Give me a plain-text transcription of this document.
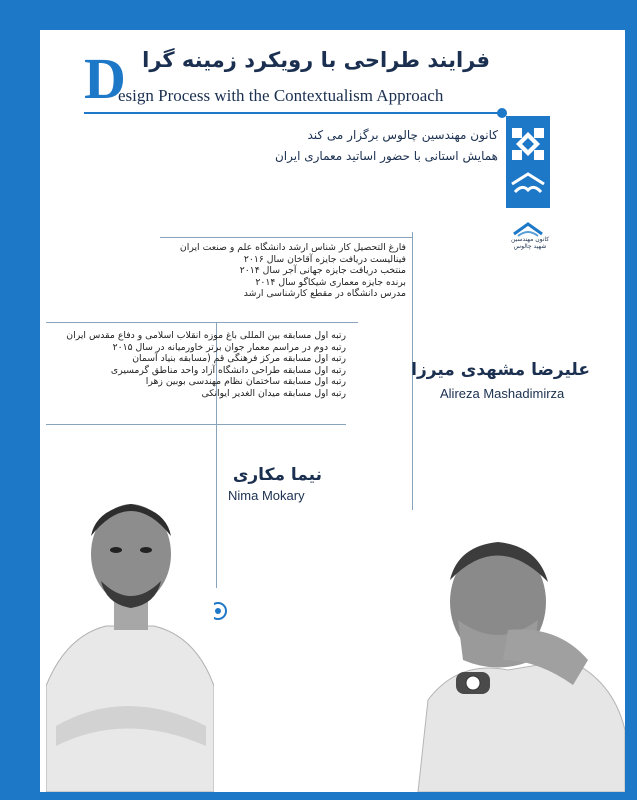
فرایند طراحی با رویکرد زمینه گرا
D
esign Process with the Contextualism Approach
کانون مهندسین
شهید چالوس
کانون مهندسین چالوس برگزار می کند
همایش استانی با حضور اساتید معماری ایران
فارغ التحصیل کار شناس ارشد دانشگاه علم و صنعت ایران
فینالیست دریافت جایزه آقاخان سال ۲۰۱۶
منتخب دریافت جایزه جهانی آجر سال ۲۰۱۴
برنده جایزه معماری شیکاگو سال ۲۰۱۴
مدرس دانشگاه در مقطع کارشناسی ارشد
رتبه اول مسابقه بین المللی باغ موزه انقلاب اسلامی و دفاع مقدس ایران
رتبه دوم در مراسم معمار جوان برتر خاورمیانه در سال ۲۰۱۵
رتبه اول مسابقه مرکز فرهنگی قم (مسابقه بنیاد آسمان
رتبه اول مسابقه طراحی دانشگاه آزاد واحد مناطق گرمسیری
رتبه اول مسابقه ساختمان نظام مهندسی بوبین زهرا
رتبه اول مسابقه میدان الغدیر ایوانکی
علیرضا مشهدی میرزا
Alireza Mashadimirza
نیما مکاری
Nima Mokary
